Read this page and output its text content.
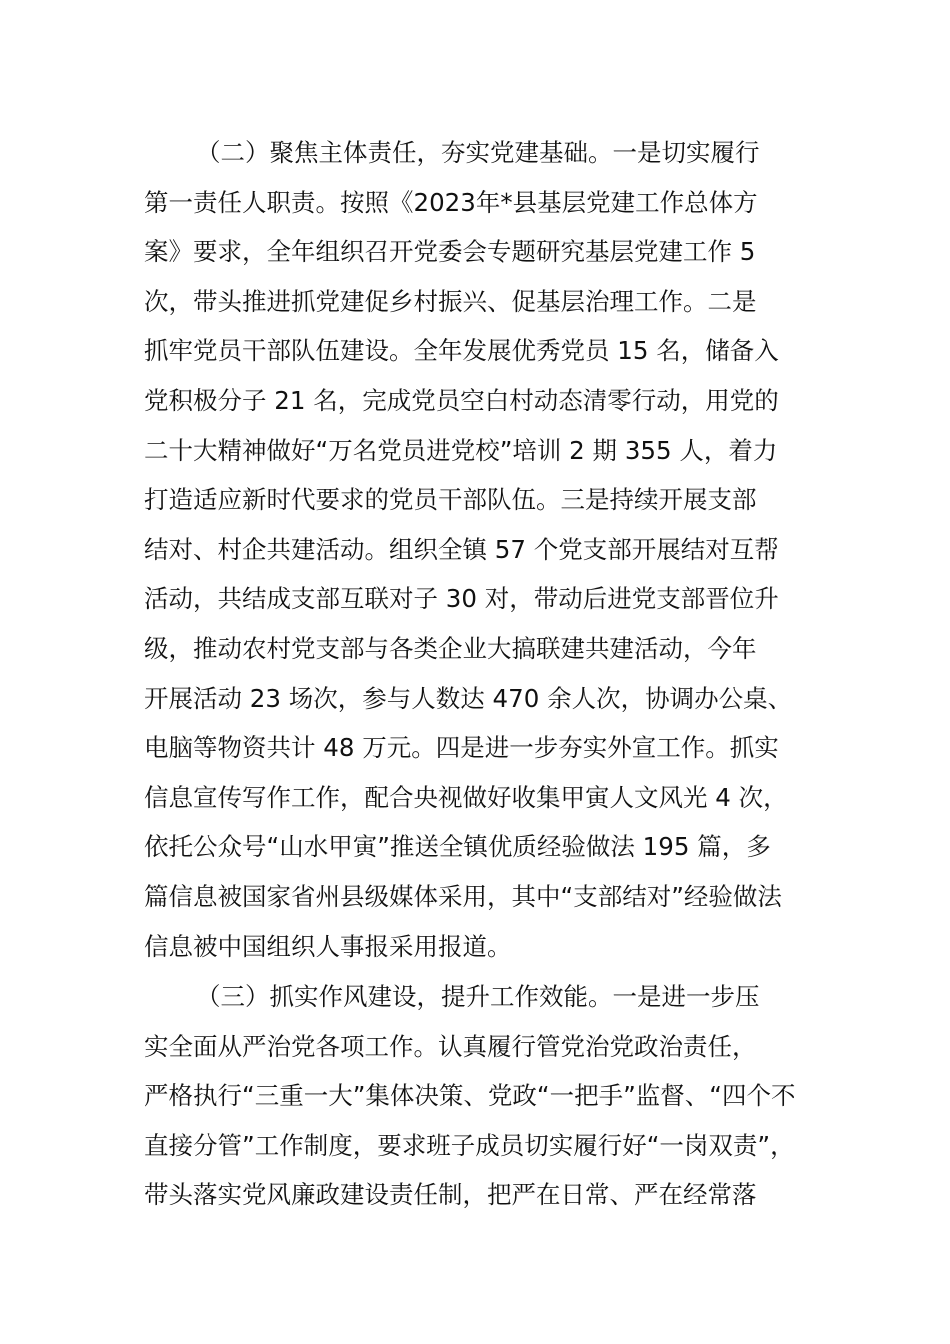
（二）聚焦主体责任，夯实党建基础。一是切实履行
第一责任人职责。按照《2023年*县基层党建工作总体方
案》要求，全年组织召开党委会专题研究基层党建工作 5
次，带头推进抓党建促乡村振兴、促基层治理工作。二是
抓牢党员干部队伍建设。全年发展优秀党员 15 名，储备入
党积极分子 21 名，完成党员空白村动态清零行动，用党的
二十大精神做好“万名党员进党校”培训 2 期 355 人，着力
打造适应新时代要求的党员干部队伍。三是持续开展支部
结对、村企共建活动。组织全镇 57 个党支部开展结对互帮
活动，共结成支部互联对子 30 对，带动后进党支部晋位升
级，推动农村党支部与各类企业大搞联建共建活动，今年
开展活动 23 场次，参与人数达 470 余人次，协调办公桌、
电脑等物资共计 48 万元。四是进一步夯实外宣工作。抓实
信息宣传写作工作，配合央视做好收集甲寅人文风光 4 次，
依托公众号“山水甲寅”推送全镇优质经验做法 195 篇，多
篇信息被国家省州县级媒体采用，其中“支部结对”经验做法
信息被中国组织人事报采用报道。
（三）抓实作风建设，提升工作效能。一是进一步压
实全面从严治党各项工作。认真履行管党治党政治责任，
严格执行“三重一大”集体决策、党政“一把手”监督、“四个不
直接分管”工作制度，要求班子成员切实履行好“一岗双责”，
带头落实党风廉政建设责任制，把严在日常、严在经常落
